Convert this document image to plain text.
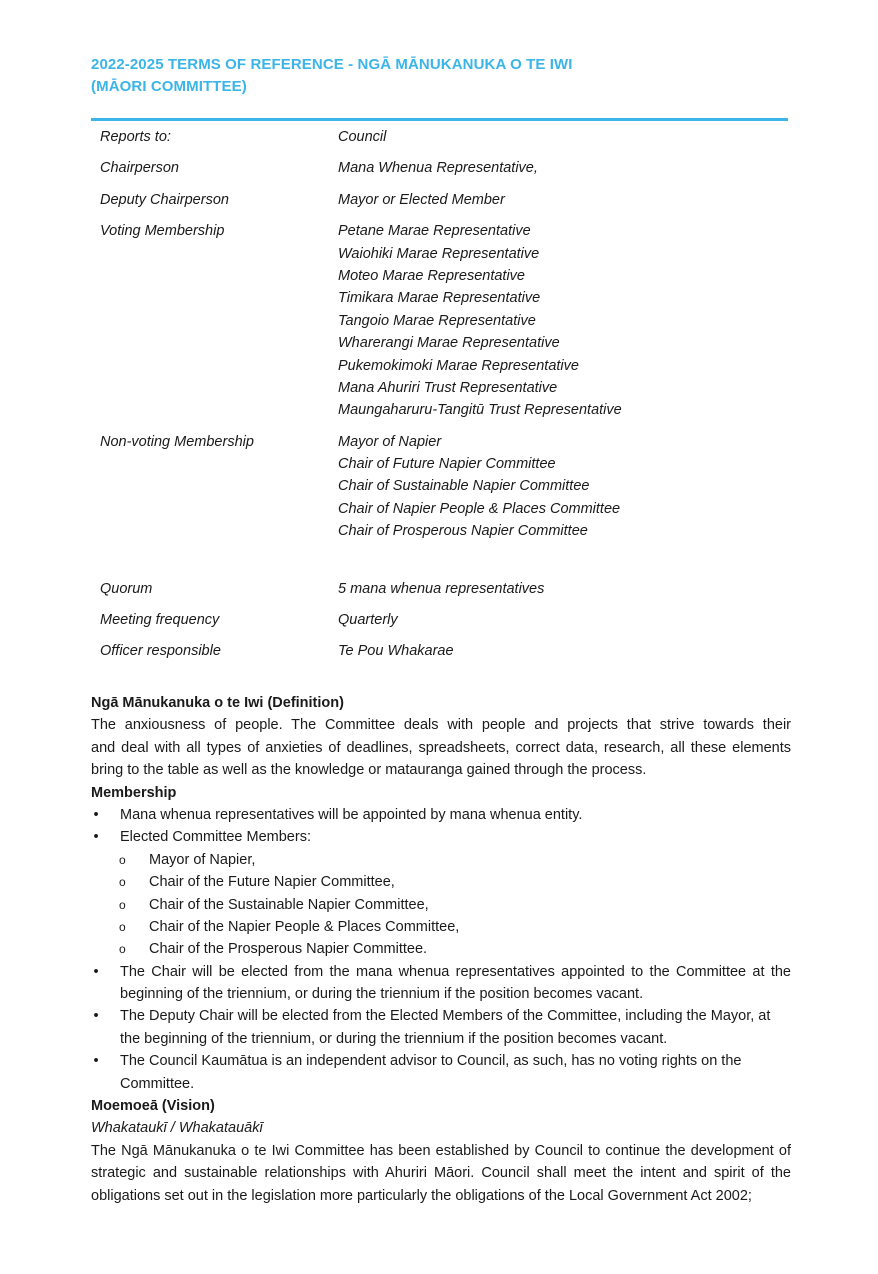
2022-2025 TERMS OF REFERENCE - NGĀ MĀNUKANUKA O TE IWI
(MĀORI COMMITTEE)
Reports to:	Council
Chairperson	Mana Whenua Representative,
Deputy Chairperson	Mayor or Elected Member
Voting Membership	Petane Marae Representative
Waiohiki Marae Representative
Moteo Marae Representative
Timikara Marae Representative
Tangoio Marae Representative
Wharerangi Marae Representative
Pukemokimoki Marae Representative
Mana Ahuriri Trust Representative
Maungaharuru-Tangitū Trust Representative
Non-voting Membership	Mayor of Napier
Chair of Future Napier Committee
Chair of Sustainable Napier Committee
Chair of Napier People & Places Committee
Chair of Prosperous Napier Committee
Quorum	5 mana whenua representatives
Meeting frequency	Quarterly
Officer responsible	Te Pou Whakarae
Ngā Mānukanuka o te Iwi (Definition)
The anxiousness of people. The Committee deals with people and projects that strive towards their
and deal with all types of anxieties of deadlines, spreadsheets, correct data, research, all these elements
bring to the table as well as the knowledge or matauranga gained through the process.
Membership
• Mana whenua representatives will be appointed by mana whenua entity.
• Elected Committee Members:
o Mayor of Napier,
o Chair of the Future Napier Committee,
o Chair of the Sustainable Napier Committee,
o Chair of the Napier People & Places Committee,
o Chair of the Prosperous Napier Committee.
• The Chair will be elected from the mana whenua representatives appointed to the Committee at the
beginning of the triennium, or during the triennium if the position becomes vacant.
• The Deputy Chair will be elected from the Elected Members of the Committee, including the Mayor, at
the beginning of the triennium, or during the triennium if the position becomes vacant.
• The Council Kaumātua is an independent advisor to Council, as such, has no voting rights on the
Committee.
Moemoeā (Vision)
Whakataukī / Whakatauākī
The Ngā Mānukanuka o te Iwi Committee has been established by Council to continue the development of
strategic and sustainable relationships with Ahuriri Māori. Council shall meet the intent and spirit of the
obligations set out in the legislation more particularly the obligations of the Local Government Act 2002;
